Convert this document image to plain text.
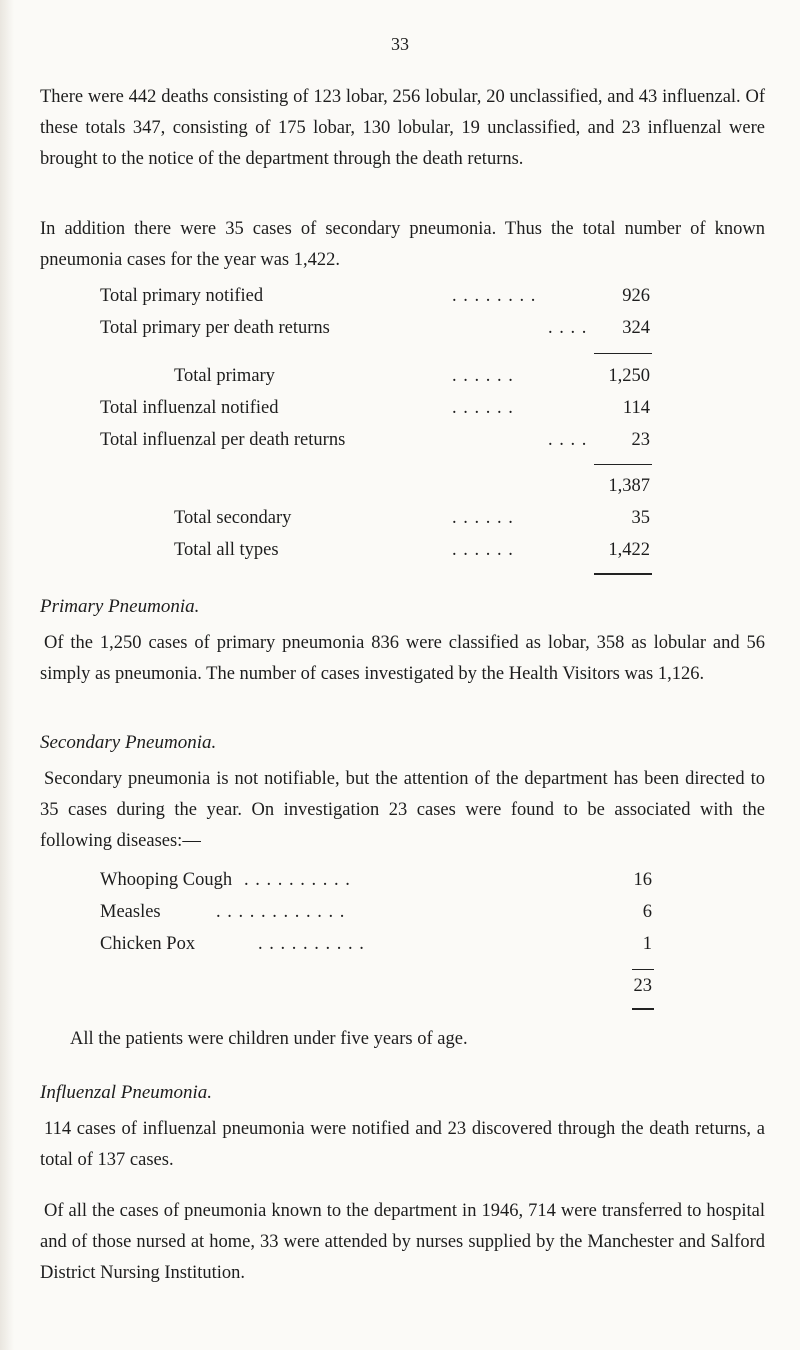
33

There were 442 deaths consisting of 123 lobar, 256 lobular, 20 unclassified, and 43 influenzal. Of these totals 347, consisting of 175 lobar, 130 lobular, 19 unclassified, and 23 influenzal were brought to the notice of the department through the death returns.

In addition there were 35 cases of secondary pneumonia. Thus the total number of known pneumonia cases for the year was 1,422.

Total primary notified	. . . . . . . .	926
Total primary per death returns	. . . .	324
Total primary	. . . . . .	1,250
Total influenzal notified	. . . . . .	114
Total influenzal per death returns	. . . .	23
1,387
Total secondary	. . . . . .	35
Total all types	. . . . . .	1,422
Primary Pneumonia.

Of the 1,250 cases of primary pneumonia 836 were classified as lobar, 358 as lobular and 56 simply as pneumonia. The number of cases investigated by the Health Visitors was 1,126.

Secondary Pneumonia.

Secondary pneumonia is not notifiable, but the attention of the department has been directed to 35 cases during the year. On investigation 23 cases were found to be associated with the following diseases:—

Whooping Cough . . . . . . . . . .	16
Measles	. . . . . . . . . . . .	6
Chicken Pox	. . . . . . . . . .	1
23

All the patients were children under five years of age.

Influenzal Pneumonia.

114 cases of influenzal pneumonia were notified and 23 discovered through the death returns, a total of 137 cases.

Of all the cases of pneumonia known to the department in 1946, 714 were transferred to hospital and of those nursed at home, 33 were attended by nurses supplied by the Manchester and Salford District Nursing Institution.
